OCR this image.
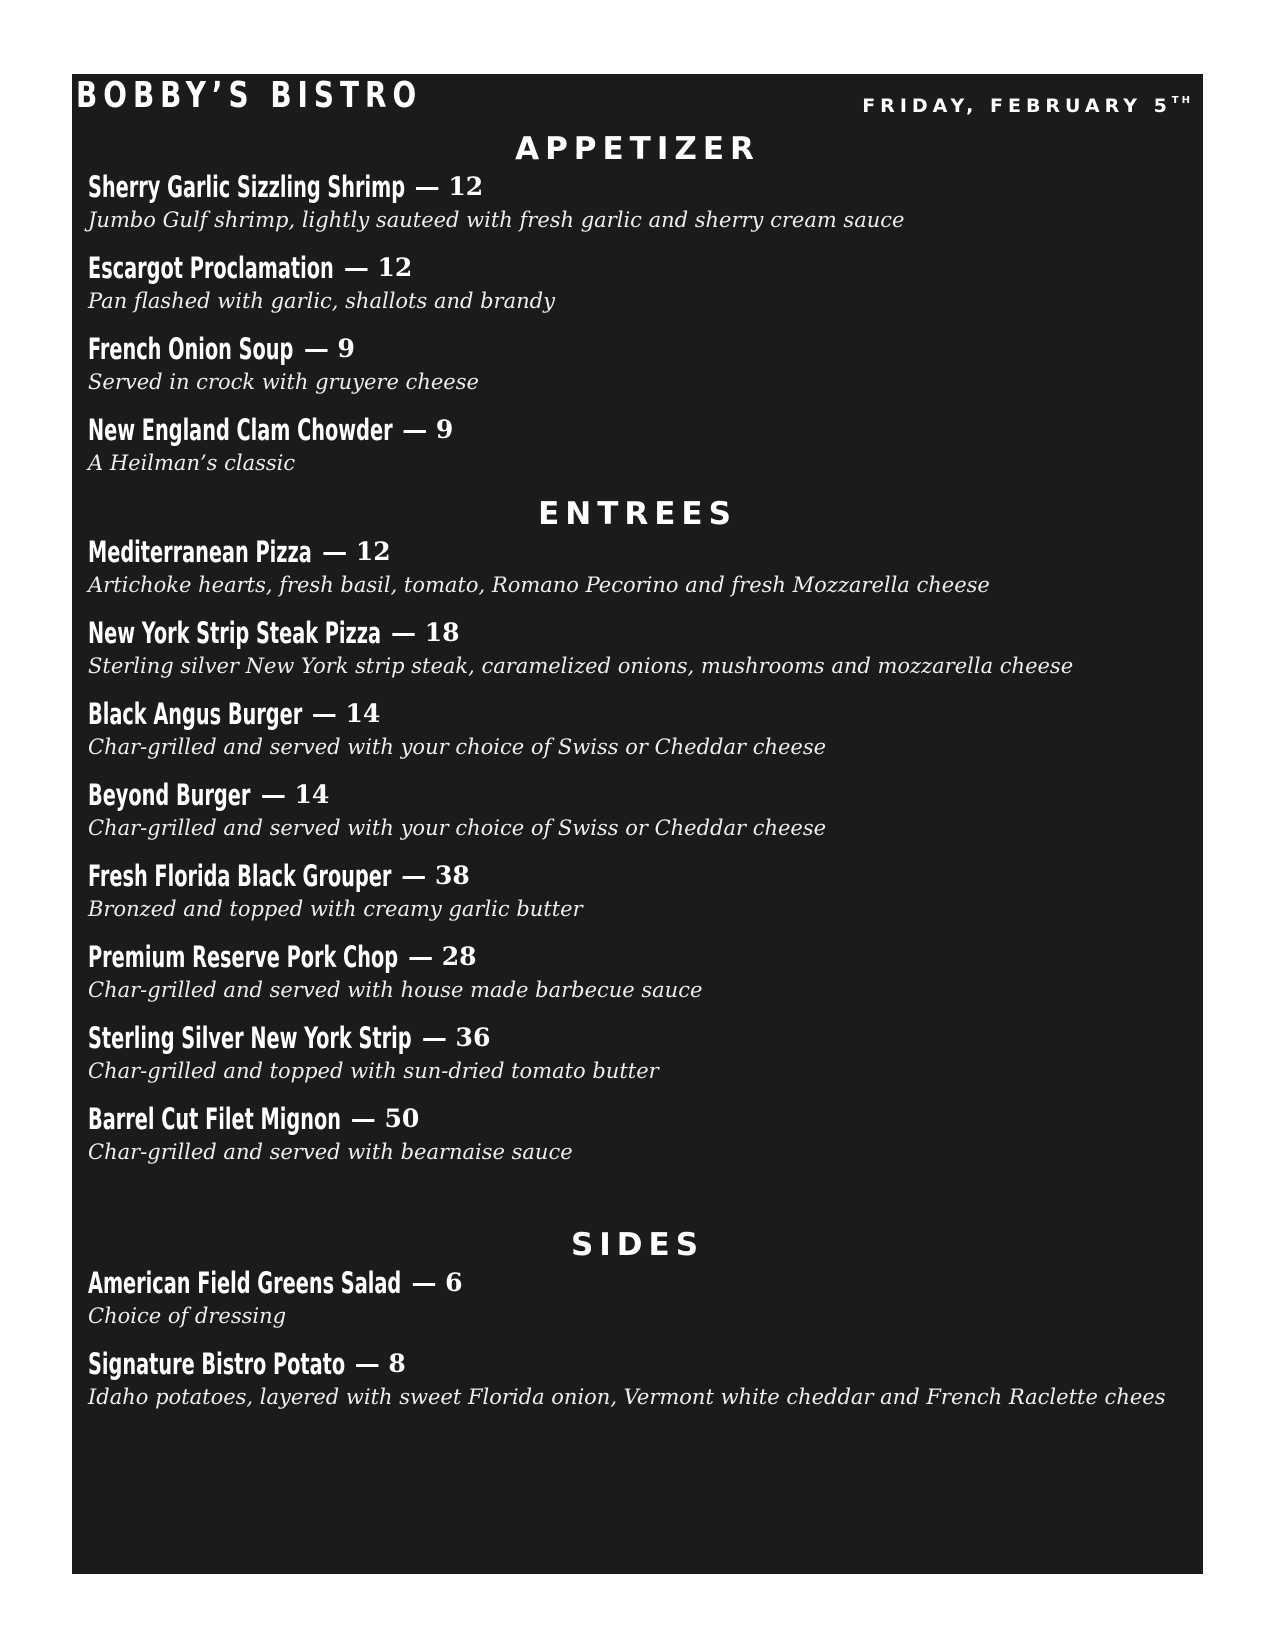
BOBBY’S BISTRO	FRIDAY, FEBRUARY 5TH
APPETIZER
Sherry Garlic Sizzling Shrimp — 12
Jumbo Gulf shrimp, lightly sauteed with fresh garlic and sherry cream sauce
Escargot Proclamation — 12
Pan flashed with garlic, shallots and brandy
French Onion Soup — 9
Served in crock with gruyere cheese
New England Clam Chowder — 9
A Heilman’s classic
ENTREES
Mediterranean Pizza — 12
Artichoke hearts, fresh basil, tomato, Romano Pecorino and fresh Mozzarella cheese
New York Strip Steak Pizza — 18
Sterling silver New York strip steak, caramelized onions, mushrooms and mozzarella cheese
Black Angus Burger — 14
Char-grilled and served with your choice of Swiss or Cheddar cheese
Beyond Burger — 14
Char-grilled and served with your choice of Swiss or Cheddar cheese
Fresh Florida Black Grouper — 38
Bronzed and topped with creamy garlic butter
Premium Reserve Pork Chop — 28
Char-grilled and served with house made barbecue sauce
Sterling Silver New York Strip — 36
Char-grilled and topped with sun-dried tomato butter
Barrel Cut Filet Mignon — 50
Char-grilled and served with bearnaise sauce
SIDES
American Field Greens Salad — 6
Choice of dressing
Signature Bistro Potato — 8
Idaho potatoes, layered with sweet Florida onion, Vermont white cheddar and French Raclette chees
